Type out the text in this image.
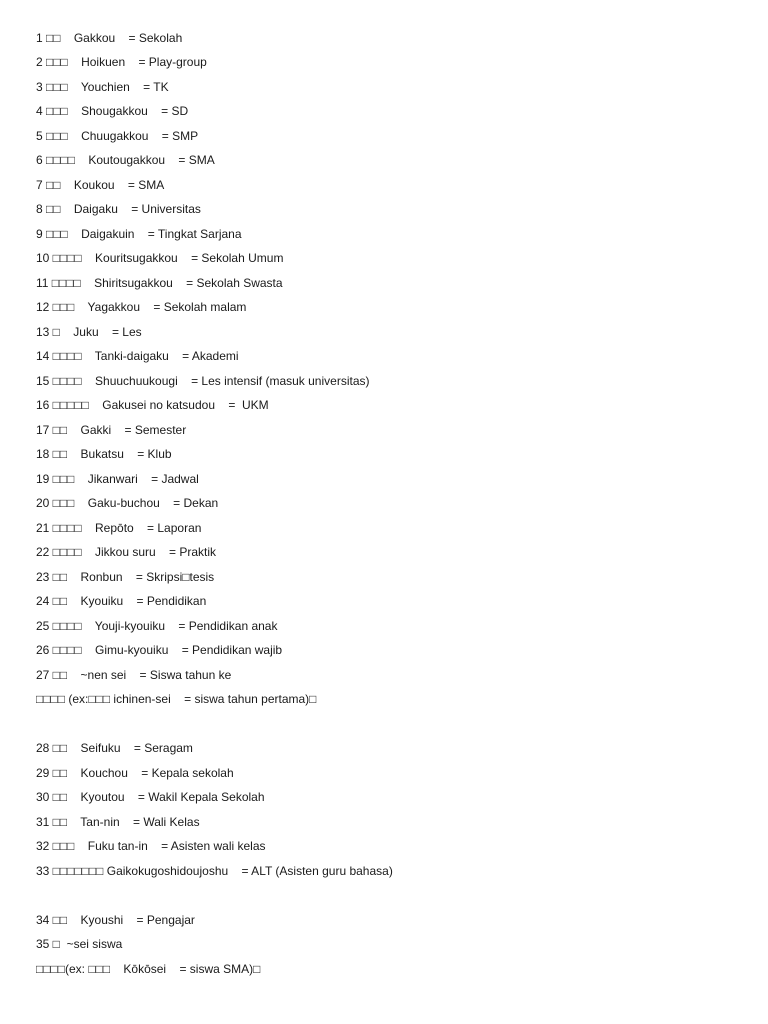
1 □□    Gakkou    = Sekolah
2 □□□    Hoikuen    = Play-group
3 □□□    Youchien    = TK
4 □□□    Shougakkou    = SD
5 □□□    Chuugakkou    = SMP
6 □□□□    Koutougakkou    = SMA
7 □□    Koukou    = SMA
8 □□    Daigaku    = Universitas
9 □□□    Daigakuin    = Tingkat Sarjana
10 □□□□    Kouritsugakkou    = Sekolah Umum
11 □□□□    Shiritsugakkou    = Sekolah Swasta
12 □□□    Yagakkou    = Sekolah malam
13 □    Juku    = Les
14 □□□□    Tanki-daigaku    = Akademi
15 □□□□    Shuuchuukougi    = Les intensif (masuk universitas)
16 □□□□□    Gakusei no katsudou    =  UKM
17 □□    Gakki    = Semester
18 □□    Bukatsu    = Klub
19 □□□    Jikanwari    = Jadwal
20 □□□    Gaku-buchou    = Dekan
21 □□□□    Repōto    = Laporan
22 □□□□    Jikkou suru    = Praktik
23 □□    Ronbun    = Skripsi□tesis
24 □□    Kyouiku    = Pendidikan
25 □□□□    Youji-kyouiku    = Pendidikan anak
26 □□□□    Gimu-kyouiku    = Pendidikan wajib
27 □□    ~nen sei    = Siswa tahun ke
□□□□ (ex:□□□ ichinen-sei    = siswa tahun pertama)□
28 □□    Seifuku    = Seragam
29 □□    Kouchou    = Kepala sekolah
30 □□    Kyoutou    = Wakil Kepala Sekolah
31 □□    Tan-nin    = Wali Kelas
32 □□□    Fuku tan-in    = Asisten wali kelas
33 □□□□□□□ Gaikokugoshidoujoshu    = ALT (Asisten guru bahasa)
34 □□    Kyoushi    = Pengajar
35 □  ~sei siswa
□□□□(ex: □□□    Kōkōsei    = siswa SMA)□
